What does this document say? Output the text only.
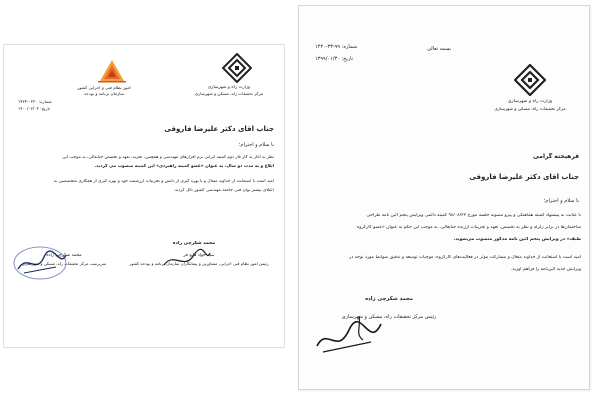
امور نظام فنی و اجرایی کشور
سازمان برنامه و بودجه
وزارت راه و شهرسازی
مرکز تحقیقات راه، مسکن و شهرسازی
شماره: ۰۲۲۰-۱۴۳۴
تاریخ: ۱۴۰۰/۰۳/۰۴
جناب آقای دکتر علیرضا فاروقی
با سلام و احترام؛
نظر به آغاز به کار فاز دوم کمیته ایرانی نرم افزارهای مهندسی و همچنین، تجربه، تعهد و تخصص جنابعالی، به موجب این
ابلاغ و به مدت دو سال، به عنوان «عضو کمیته راهبردی» این کمیته منصوب می گردید.
امید است با استعانت از خداوند متعال و با بهره گیری از دانش و تجربیات ارزشمند خود و بهره گیری از همکاری متخصصین به
اعتلای بیشتر توان فنی جامعه مهندسی کشور نائل گردید.
محمد شکرچی زاده
محمد شکرچی زاده
سرپرست مرکز تحقیقات راه، مسکن و شهرسازی
سید جواد قانع فر
رئیس امور نظام فنی اجرایی، مشاورین و پیمانکاران سازمان برنامه و بودجه کشور
بسمه تعالی
شماره: ۹۹-۳۳-۱۴۳۰
تاریخ: ۱۳۹۹/۰۱/۳۰
وزارت راه و شهرسازی
مرکز تحقیقات راه، مسکن و شهرسازی
فرهیخته گرامی
جناب آقای دکتر علیرضا فاروقی
با سلام و احترام؛
با عنایت به پیشنهاد کمیته هماهنگی و پیرو مصوبه جلسه مورخ ۹۸/۰۸/۲۲ کمیته دائمی ویرایش پنجم آئین نامه طراحی
ساختمان‌ها در برابر زلزله و نظر به تخصص، تعهد و تجربیات ارزنده جنابعالی، به موجب این حکم به عنوان «عضو کارگروه
طیف» در ویرایش پنجم آئین نامه مذکور منصوب می‌شوید.
امید است با استعانت از خداوند متعال و مشارکت موثر در فعالیت‌های کارگروه، موجبات توسعه و تدقیق ضوابط مورد توجه در
ویرایش جدید آئین‌نامه را فراهم آورید.
محمد شکرچی زاده
رئیس مرکز تحقیقات راه، مسکن و شهرسازی
